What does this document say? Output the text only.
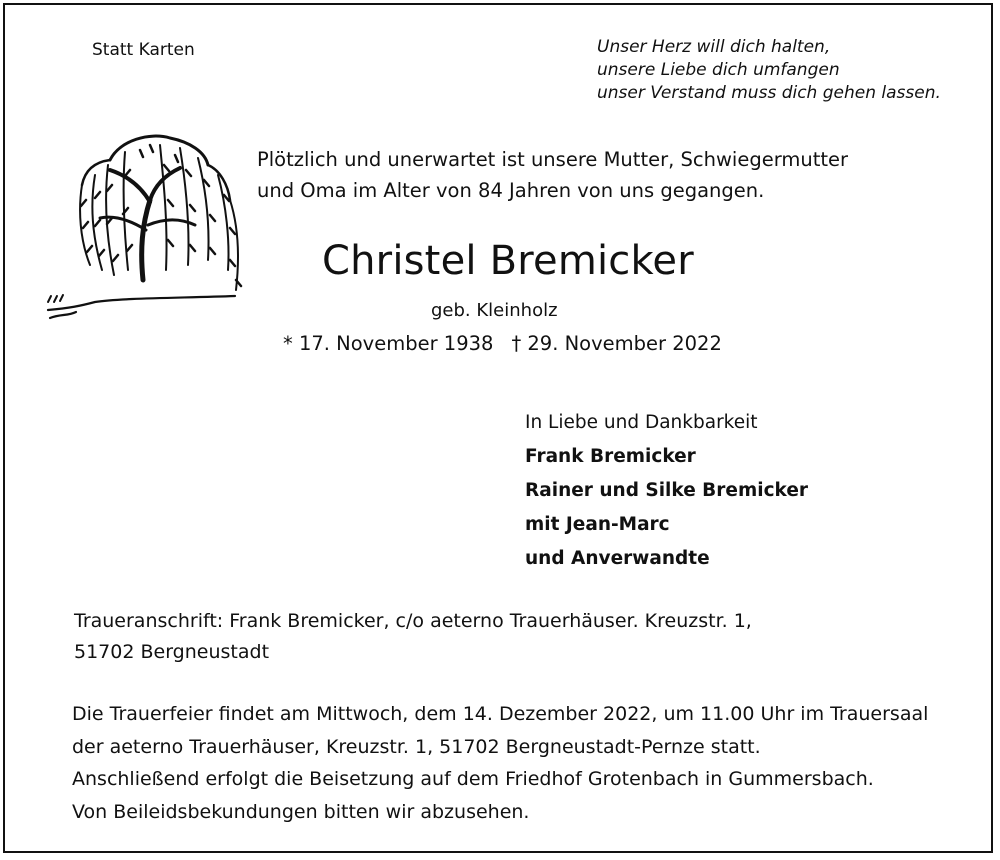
Statt Karten	Unser Herz will dich halten,
unsere Liebe dich umfangen
unser Verstand muss dich gehen lassen.
Plötzlich und unerwartet ist unsere Mutter, Schwiegermutter
und Oma im Alter von 84 Jahren von uns gegangen.
Christel Bremicker
geb. Kleinholz
* 17. November 1938 † 29. November 2022
In Liebe und Dankbarkeit
Frank Bremicker
Rainer und Silke Bremicker
mit Jean-Marc
und Anverwandte
Traueranschrift: Frank Bremicker, c/o aeterno Trauerhäuser. Kreuzstr. 1,
51702 Bergneustadt
Die Trauerfeier findet am Mittwoch, dem 14. Dezember 2022, um 11.00 Uhr im Trauersaal
der aeterno Trauerhäuser, Kreuzstr. 1, 51702 Bergneustadt-Pernze statt.
Anschließend erfolgt die Beisetzung auf dem Friedhof Grotenbach in Gummersbach.
Von Beileidsbekundungen bitten wir abzusehen.
